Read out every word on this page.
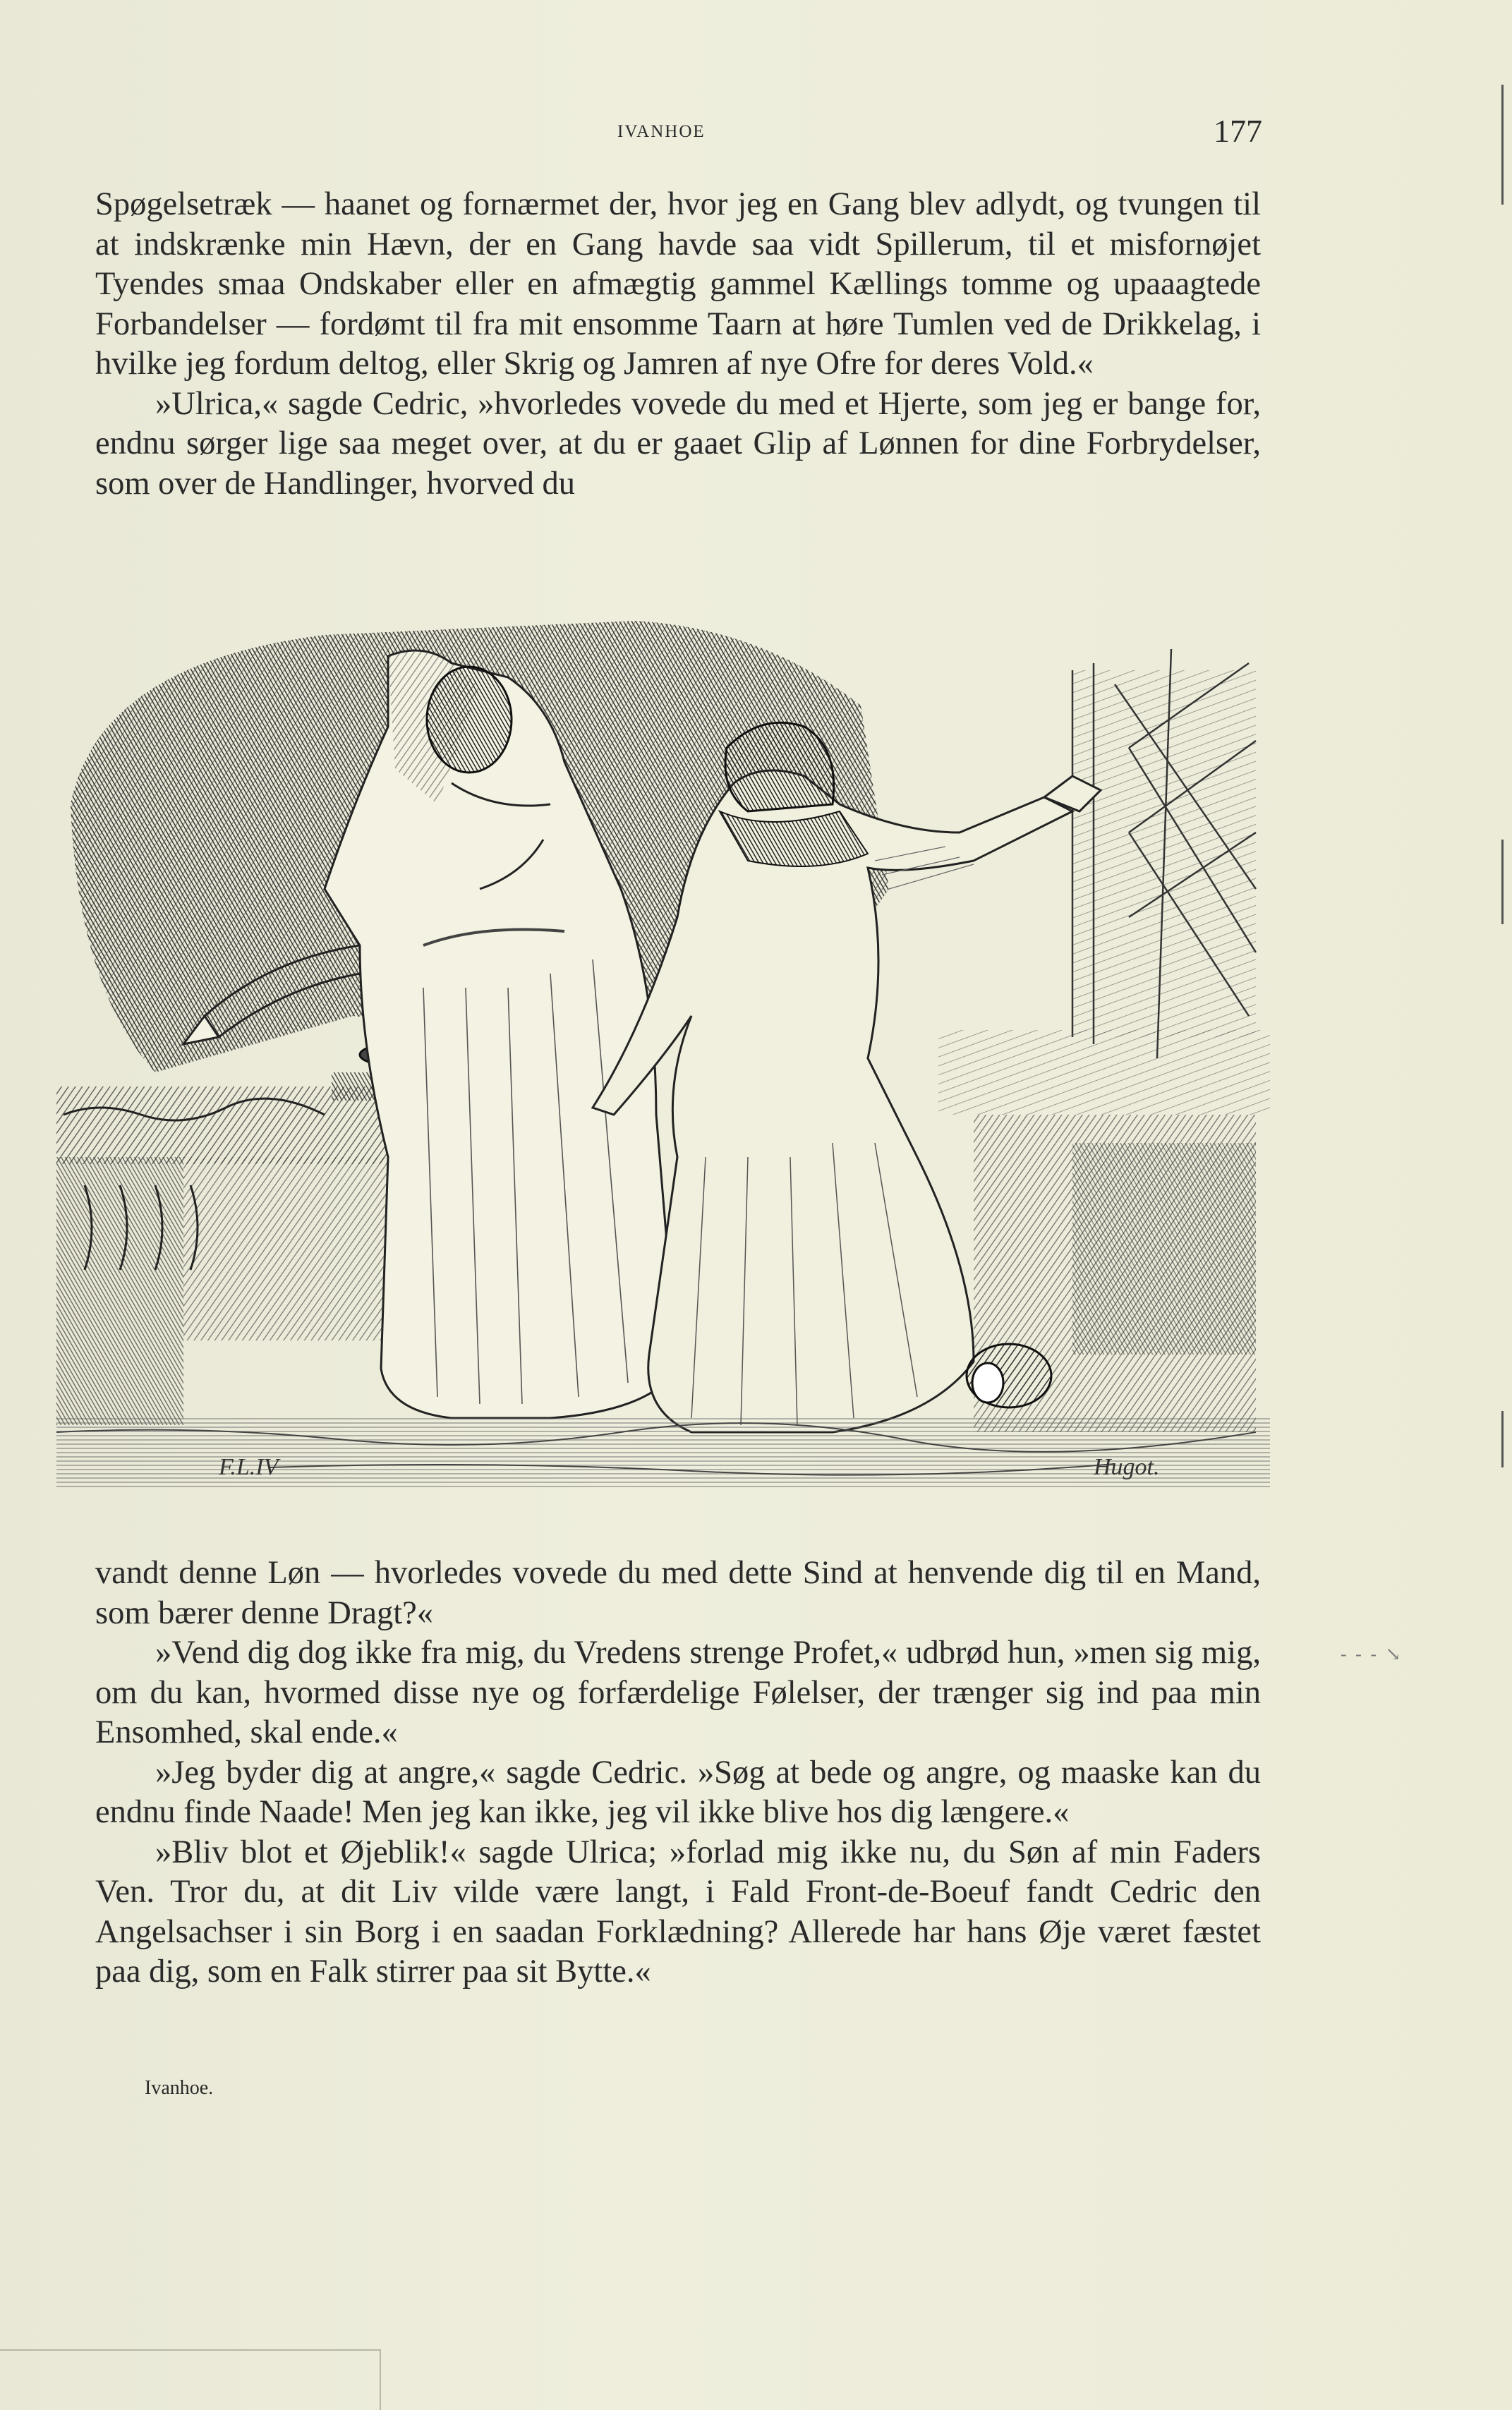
IVANHOE	177

Spøgelsetræk — haanet og fornærmet der, hvor jeg en Gang blev adlydt, og tvungen til at indskrænke min Hævn, der en Gang havde saa vidt Spillerum, til et misfornøjet Tyendes smaa Ondskaber eller en afmægtig gammel Kællings tomme og upaaagtede Forbandelser — fordømt til fra mit ensomme Taarn at høre Tumlen ved de Drikkelag, i hvilke jeg fordum deltog, eller Skrig og Jamren af nye Ofre for deres Vold.«

»Ulrica,« sagde Cedric, »hvorledes vovede du med et Hjerte, som jeg er bange for, endnu sørger lige saa meget over, at du er gaaet Glip af Lønnen for dine Forbrydelser, som over de Handlinger, hvorved du

F.L.IV	Hugot.

vandt denne Løn — hvorledes vovede du med dette Sind at henvende dig til en Mand, som bærer denne Dragt?«

»Vend dig dog ikke fra mig, du Vredens strenge Profet,« udbrød hun, »men sig mig, om du kan, hvormed disse nye og forfærdelige Følelser, der trænger sig ind paa min Ensomhed, skal ende.«

»Jeg byder dig at angre,« sagde Cedric. »Søg at bede og angre, og maaske kan du endnu finde Naade! Men jeg kan ikke, jeg vil ikke blive hos dig længere.«

»Bliv blot et Øjeblik!« sagde Ulrica; »forlad mig ikke nu, du Søn af min Faders Ven. Tror du, at dit Liv vilde være langt, i Fald Front-de-Boeuf fandt Cedric den Angelsachser i sin Borg i en saadan Forklædning? Allerede har hans Øje været fæstet paa dig, som en Falk stirrer paa sit Bytte.«

Ivanhoe.
- - - ↘
